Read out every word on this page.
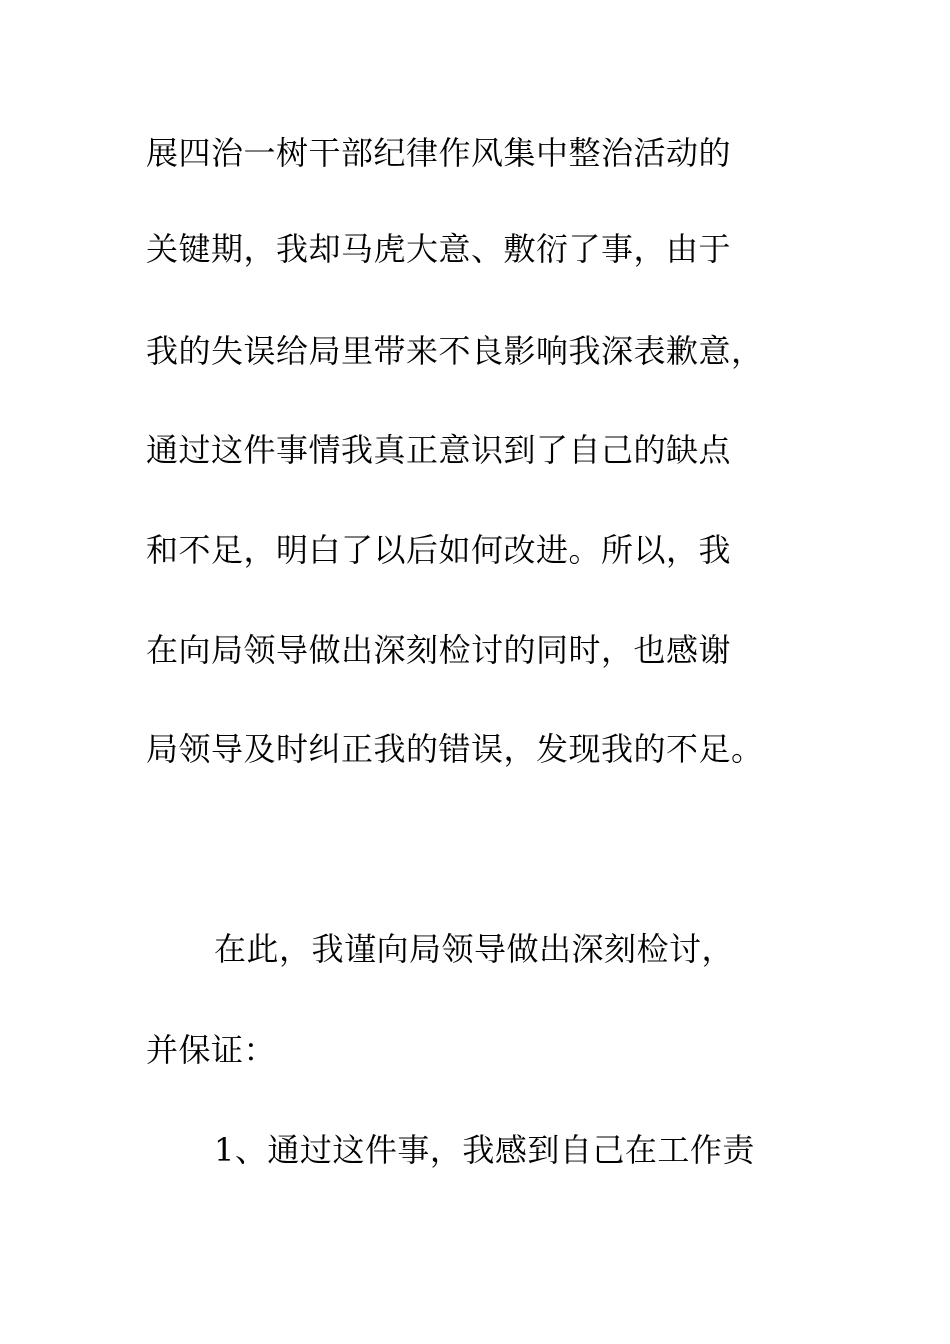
展四治一树干部纪律作风集中整治活动的
关键期，我却马虎大意、敷衍了事，由于
我的失误给局里带来不良影响我深表歉意，
通过这件事情我真正意识到了自己的缺点
和不足，明白了以后如何改进。所以，我
在向局领导做出深刻检讨的同时，也感谢
局领导及时纠正我的错误，发现我的不足。
在此，我谨向局领导做出深刻检讨，
并保证：
1、通过这件事，我感到自己在工作责
